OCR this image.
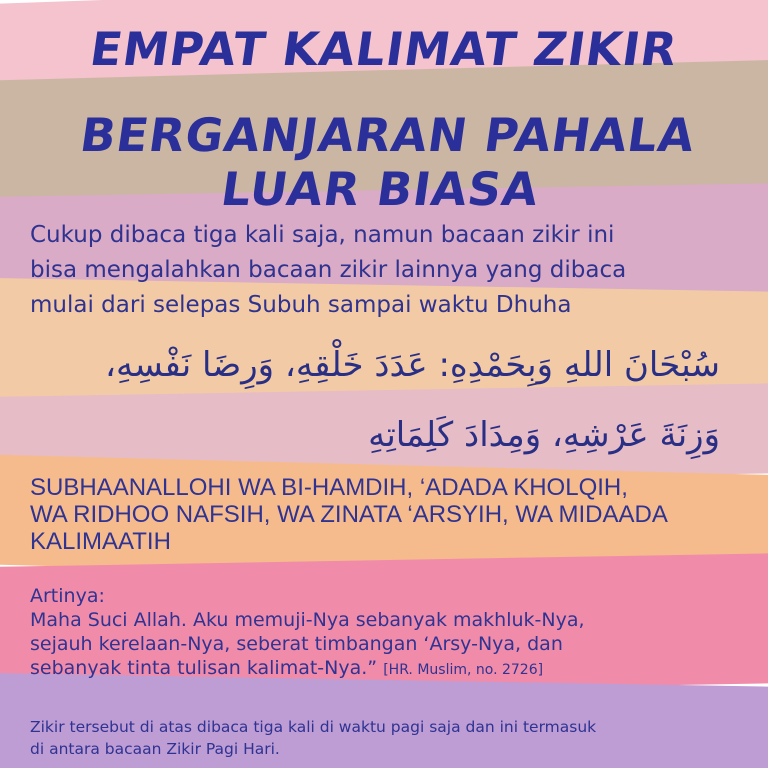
EMPAT KALIMAT ZIKIR
BERGANJARAN PAHALA LUAR BIASA
Cukup dibaca tiga kali saja, namun bacaan zikir ini
bisa mengalahkan bacaan zikir lainnya yang dibaca
mulai dari selepas Subuh sampai waktu Dhuha
سُبْحَانَ اللهِ وَبِحَمْدِهِ: عَدَدَ خَلْقِهِ، وَرِضَا نَفْسِهِ،
وَزِنَةَ عَرْشِهِ، وَمِدَادَ كَلِمَاتِهِ
SUBHAANALLOHI WA BI-HAMDIH, ‘ADADA KHOLQIH,
WA RIDHOO NAFSIH, WA ZINATA ‘ARSYIH, WA MIDAADA
KALIMAATIH
Artinya:
Maha Suci Allah. Aku memuji-Nya sebanyak makhluk-Nya,
sejauh kerelaan-Nya, seberat timbangan ‘Arsy-Nya, dan
sebanyak tinta tulisan kalimat-Nya.” [HR. Muslim, no. 2726]
Zikir tersebut di atas dibaca tiga kali di waktu pagi saja dan ini termasuk
di antara bacaan Zikir Pagi Hari.
